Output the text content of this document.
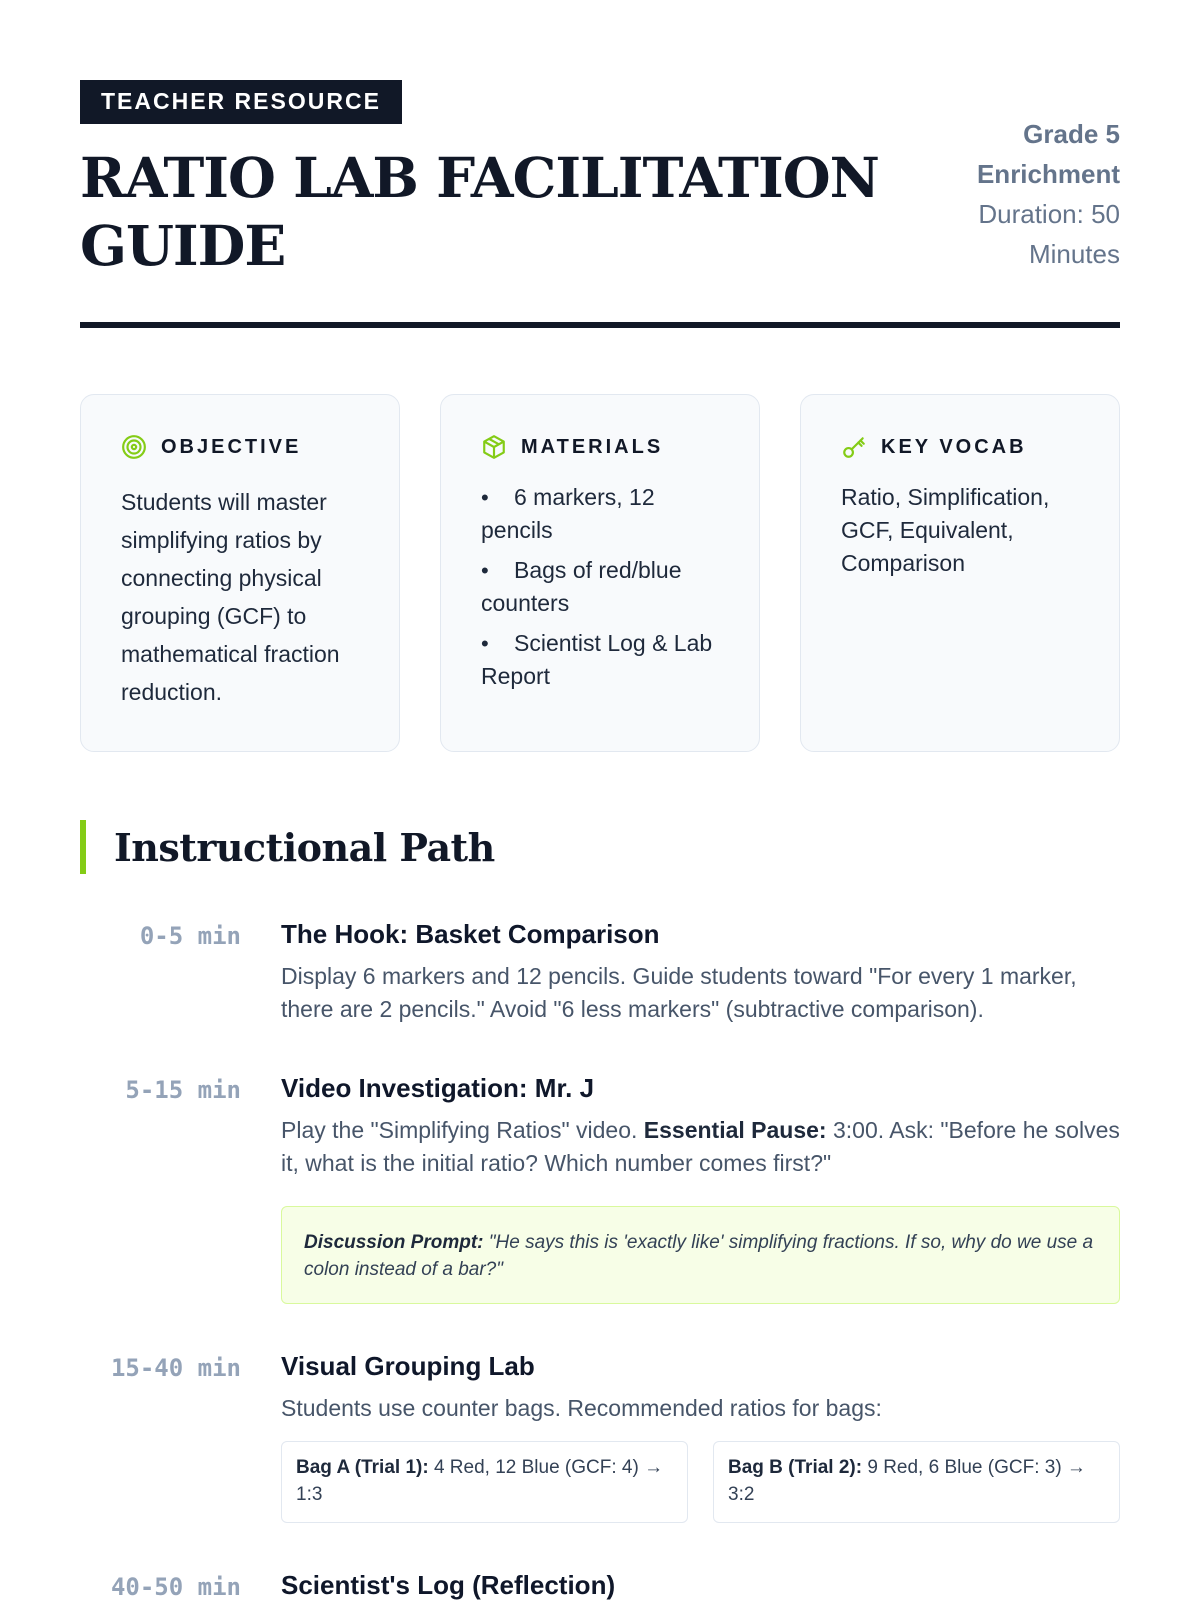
TEACHER RESOURCE
RATIO LAB FACILITATION GUIDE
Grade 5 Enrichment
Duration: 50 Minutes
OBJECTIVE

Students will master simplifying ratios by connecting physical grouping (GCF) to mathematical fraction reduction.

MATERIALS
• 6 markers, 12 pencils
• Bags of red/blue counters
• Scientist Log & Lab Report
KEY VOCAB

Ratio, Simplification, GCF, Equivalent, Comparison

Instructional Path
0-5 min The Hook: Basket Comparison

Display 6 markers and 12 pencils. Guide students toward "For every 1 marker, there are 2 pencils." Avoid "6 less markers" (subtractive comparison).

5-15 min Video Investigation: Mr. J

Play the "Simplifying Ratios" video. Essential Pause: 3:00. Ask: "Before he solves it, what is the initial ratio? Which number comes first?"

Discussion Prompt: "He says this is 'exactly like' simplifying fractions. If so, why do we use a colon instead of a bar?"
15-40 min Visual Grouping Lab

Students use counter bags. Recommended ratios for bags:

Bag A (Trial 1): 4 Red, 12 Blue (GCF: 4) → 1:3
Bag B (Trial 2): 9 Red, 6 Blue (GCF: 3) → 3:2
40-50 min Scientist's Log (Reflection)
